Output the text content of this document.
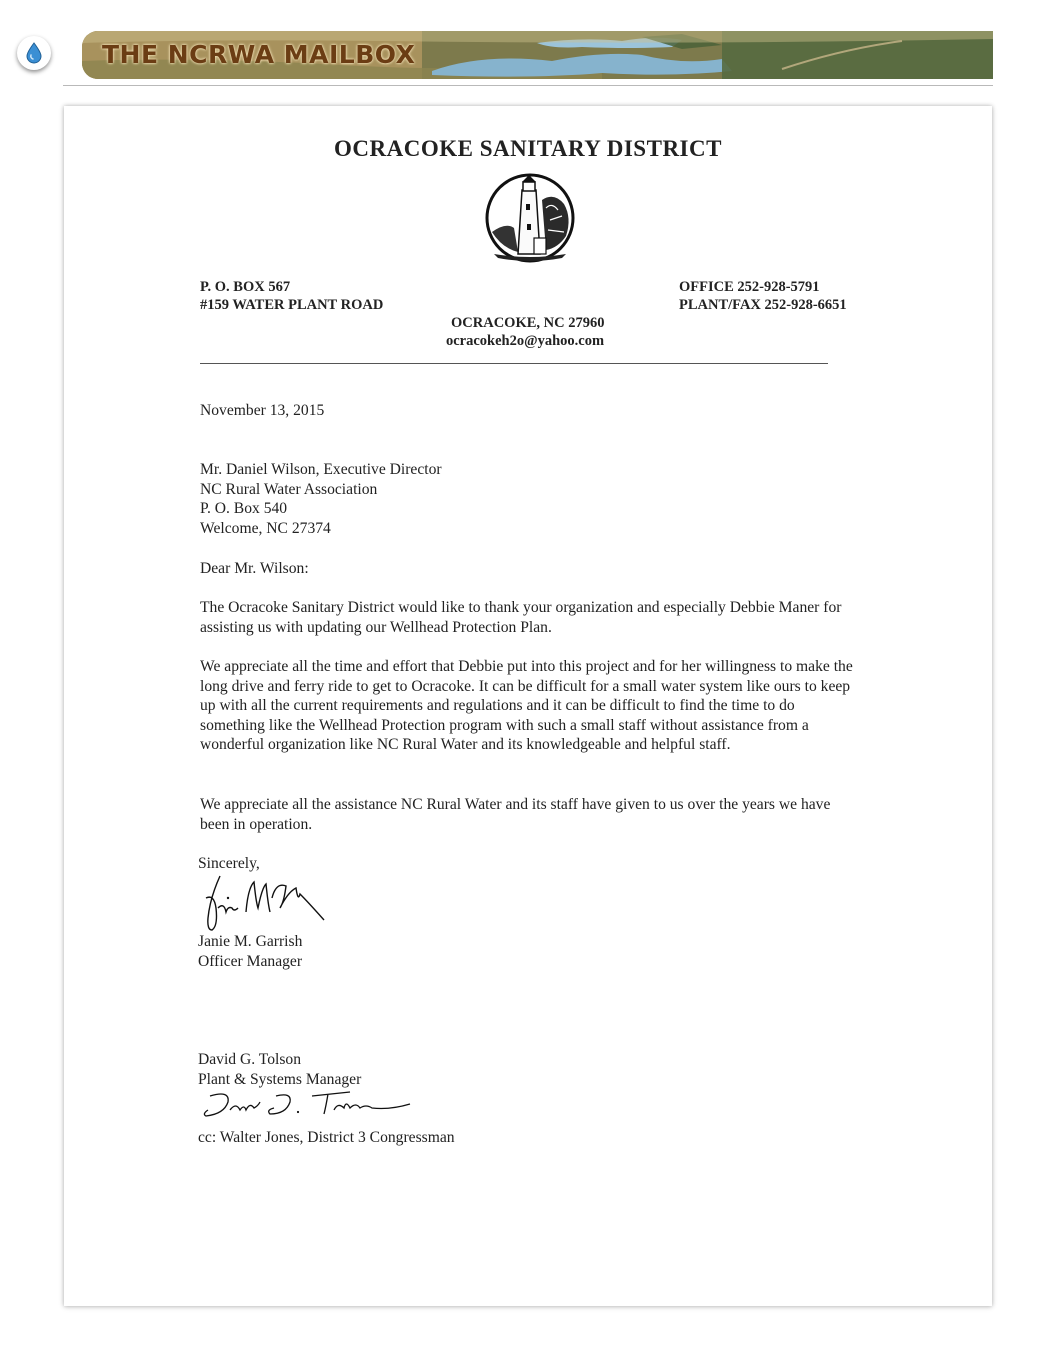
THE NCRWA MAILBOX

OCRACOKE SANITARY DISTRICT

P. O. BOX 567

#159 WATER PLANT ROAD

OFFICE 252-928-5791

PLANT/FAX 252-928-6651

OCRACOKE, NC 27960

ocracokeh2o@yahoo.com

November 13, 2015

Mr. Daniel Wilson, Executive Director

NC Rural Water Association

P. O. Box 540

Welcome, NC 27374

Dear Mr. Wilson:

The Ocracoke Sanitary District would like to thank your organization and especially Debbie Maner for assisting us with updating our Wellhead Protection Plan.

We appreciate all the time and effort that Debbie put into this project and for her willingness to make the long drive and ferry ride to get to Ocracoke. It can be difficult for a small water system like ours to keep up with all the current requirements and regulations and it can be difficult to find the time to do something like the Wellhead Protection program with such a small staff without assistance from a wonderful organization like NC Rural Water and its knowledgeable and helpful staff.

We appreciate all the assistance NC Rural Water and its staff have given to us over the years we have been in operation.

Sincerely,

Janie M. Garrish

Officer Manager

David G. Tolson

Plant & Systems Manager

cc: Walter Jones, District 3 Congressman
